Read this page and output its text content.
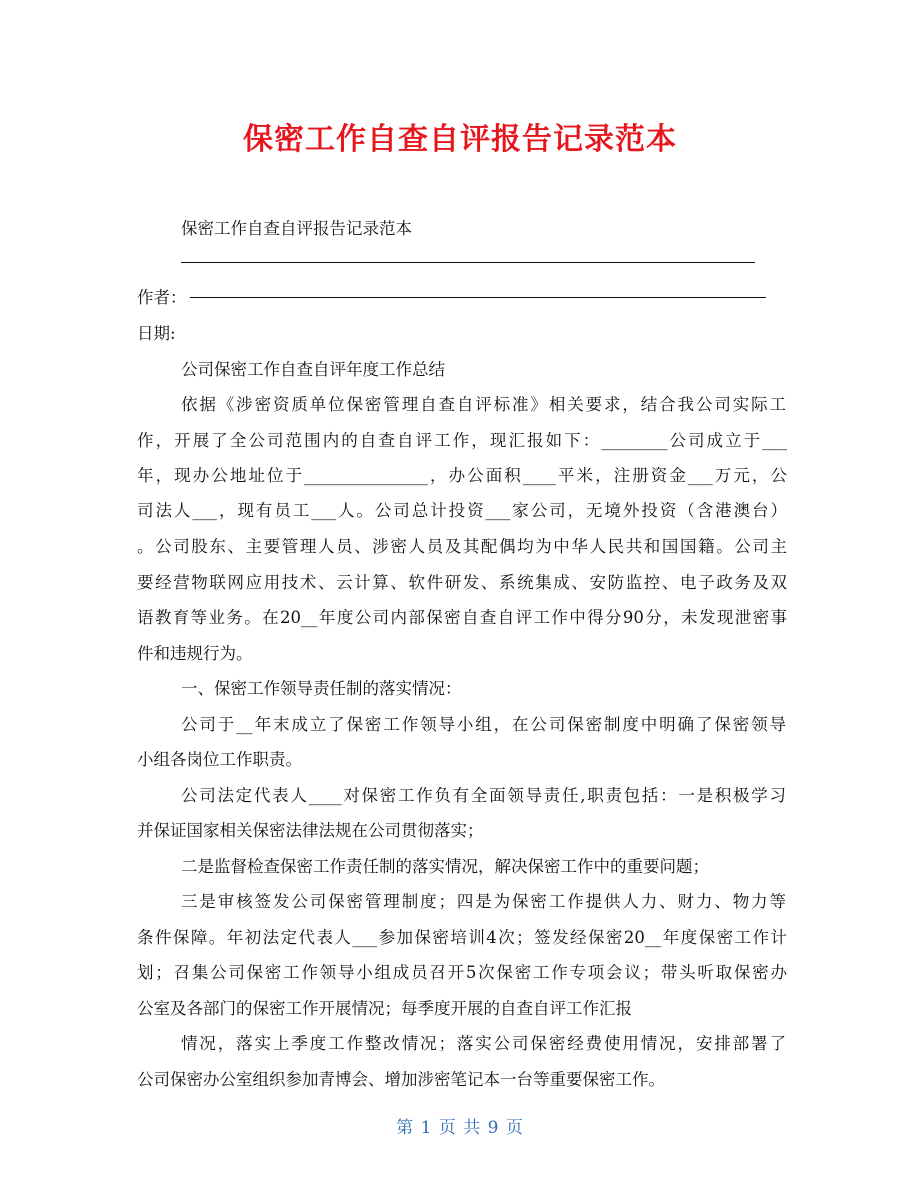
保密工作自查自评报告记录范本
保密工作自查自评报告记录范本
作者：
日期:
公司保密工作自查自评年度工作总结
依据《涉密资质单位保密管理自查自评标准》相关要求，结合我公司实际工
作，开展了全公司范围内的自查自评工作，现汇报如下：________公司成立于___
年，现办公地址位于_______________，办公面积____平米，注册资金___万元，公
司法人___，现有员工___人。公司总计投资___家公司，无境外投资（含港澳台）
。公司股东、主要管理人员、涉密人员及其配偶均为中华人民共和国国籍。公司主
要经营物联网应用技术、云计算、软件研发、系统集成、安防监控、电子政务及双
语教育等业务。在20__年度公司内部保密自查自评工作中得分90分，未发现泄密事
件和违规行为。
一、保密工作领导责任制的落实情况：
公司于__年末成立了保密工作领导小组，在公司保密制度中明确了保密领导
小组各岗位工作职责。
公司法定代表人____对保密工作负有全面领导责任,职责包括：一是积极学习
并保证国家相关保密法律法规在公司贯彻落实；
二是监督检查保密工作责任制的落实情况，解决保密工作中的重要问题；
三是审核签发公司保密管理制度；四是为保密工作提供人力、财力、物力等
条件保障。年初法定代表人___参加保密培训4次；签发经保密20__年度保密工作计
划；召集公司保密工作领导小组成员召开5次保密工作专项会议；带头听取保密办
公室及各部门的保密工作开展情况；每季度开展的自查自评工作汇报
情况，落实上季度工作整改情况；落实公司保密经费使用情况，安排部署了
公司保密办公室组织参加青博会、增加涉密笔记本一台等重要保密工作。
第 1 页 共 9 页
